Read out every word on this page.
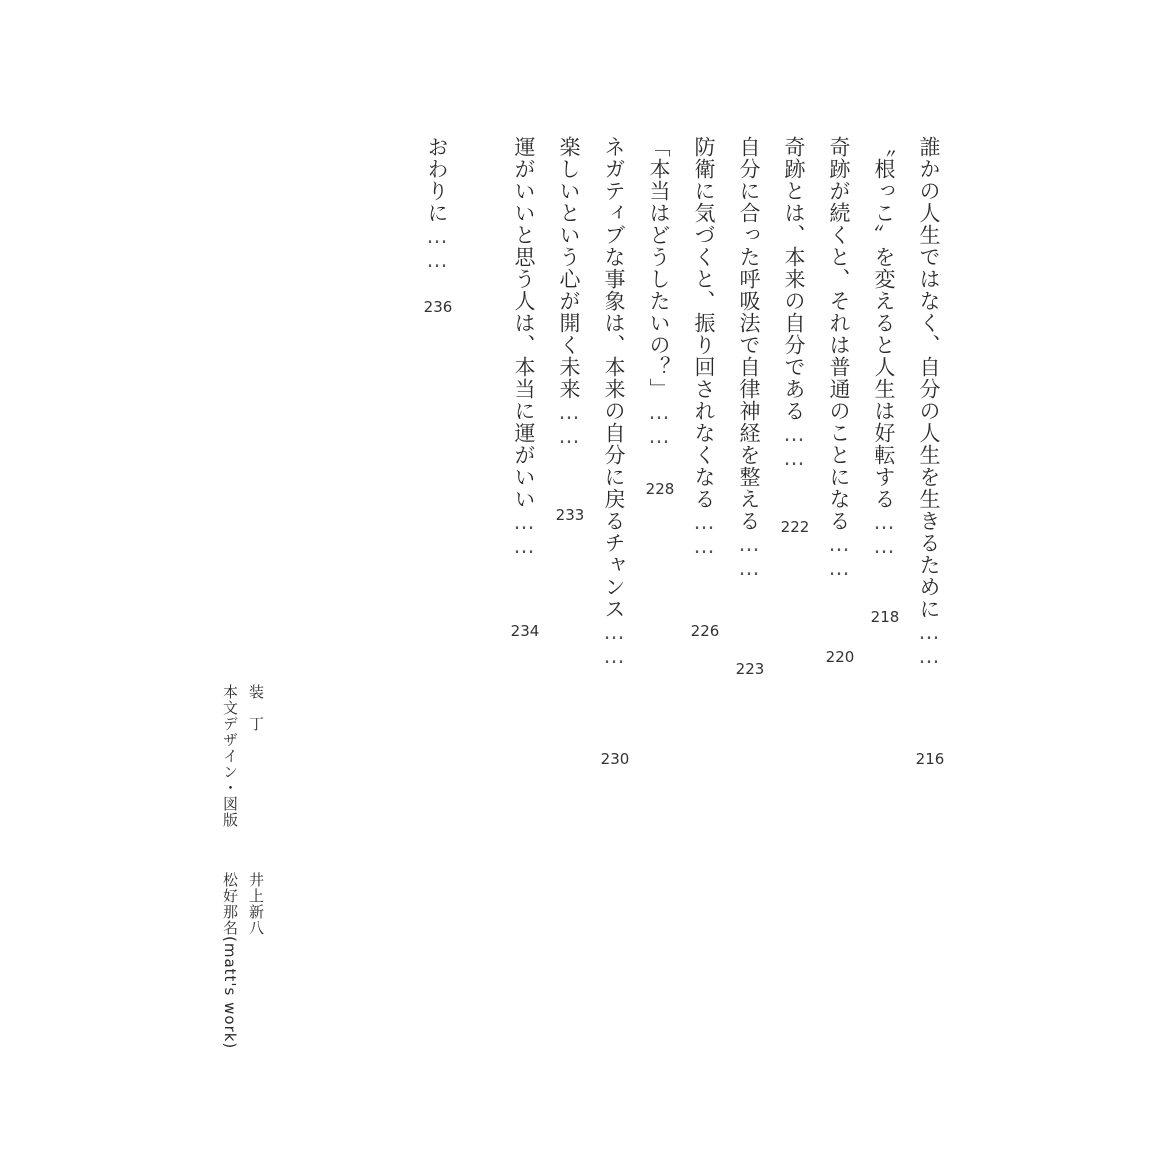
誰かの人生ではなく、自分の人生を生きるために……
216
〝根っこ〟を変えると人生は好転する……
218
奇跡が続くと、それは普通のことになる……
220
奇跡とは、本来の自分である……
222
自分に合った呼吸法で自律神経を整える……
223
防衛に気づくと、振り回されなくなる……
226
「本当はどうしたいの？」……
228
ネガティブな事象は、本来の自分に戻るチャンス……
230
楽しいという心が開く未来……
233
運がいいと思う人は、本当に運がいい……
234
おわりに……
236
装　丁
井上新八
本文デザイン・図版
松好那名(matt's work)
